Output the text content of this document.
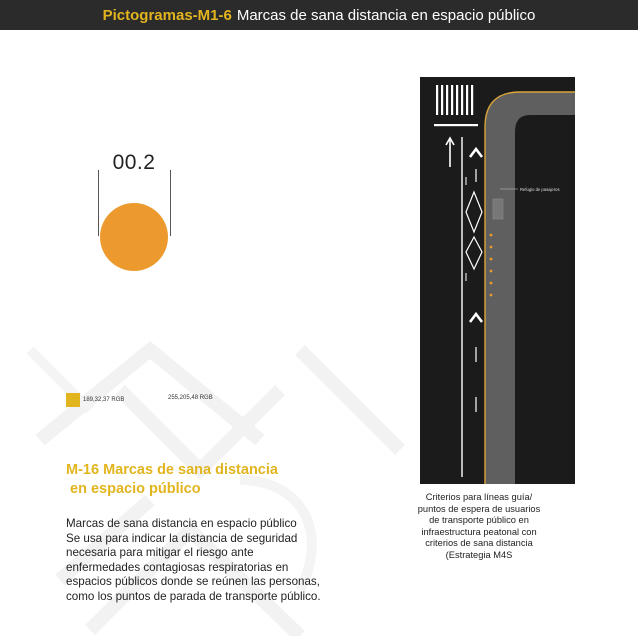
Pictogramas-M1-6 Marcas de sana distancia en espacio público
00.2
189,32,37 RGB	255,205,48 RGB
M-16 Marcas de sana distancia
en espacio público
Marcas de sana distancia en espacio público
Se usa para indicar la distancia de seguridad
necesaria para mitigar el riesgo ante
enfermedades contagiosas respiratorias en
espacios públicos donde se reúnen las personas,
como los puntos de parada de transporte público.
Refugio de pasajeros
Criterios para líneas guía/
puntos de espera de usuarios
de transporte público en
infraestructura peatonal con
criterios de sana distancia
(Estrategia M4S
